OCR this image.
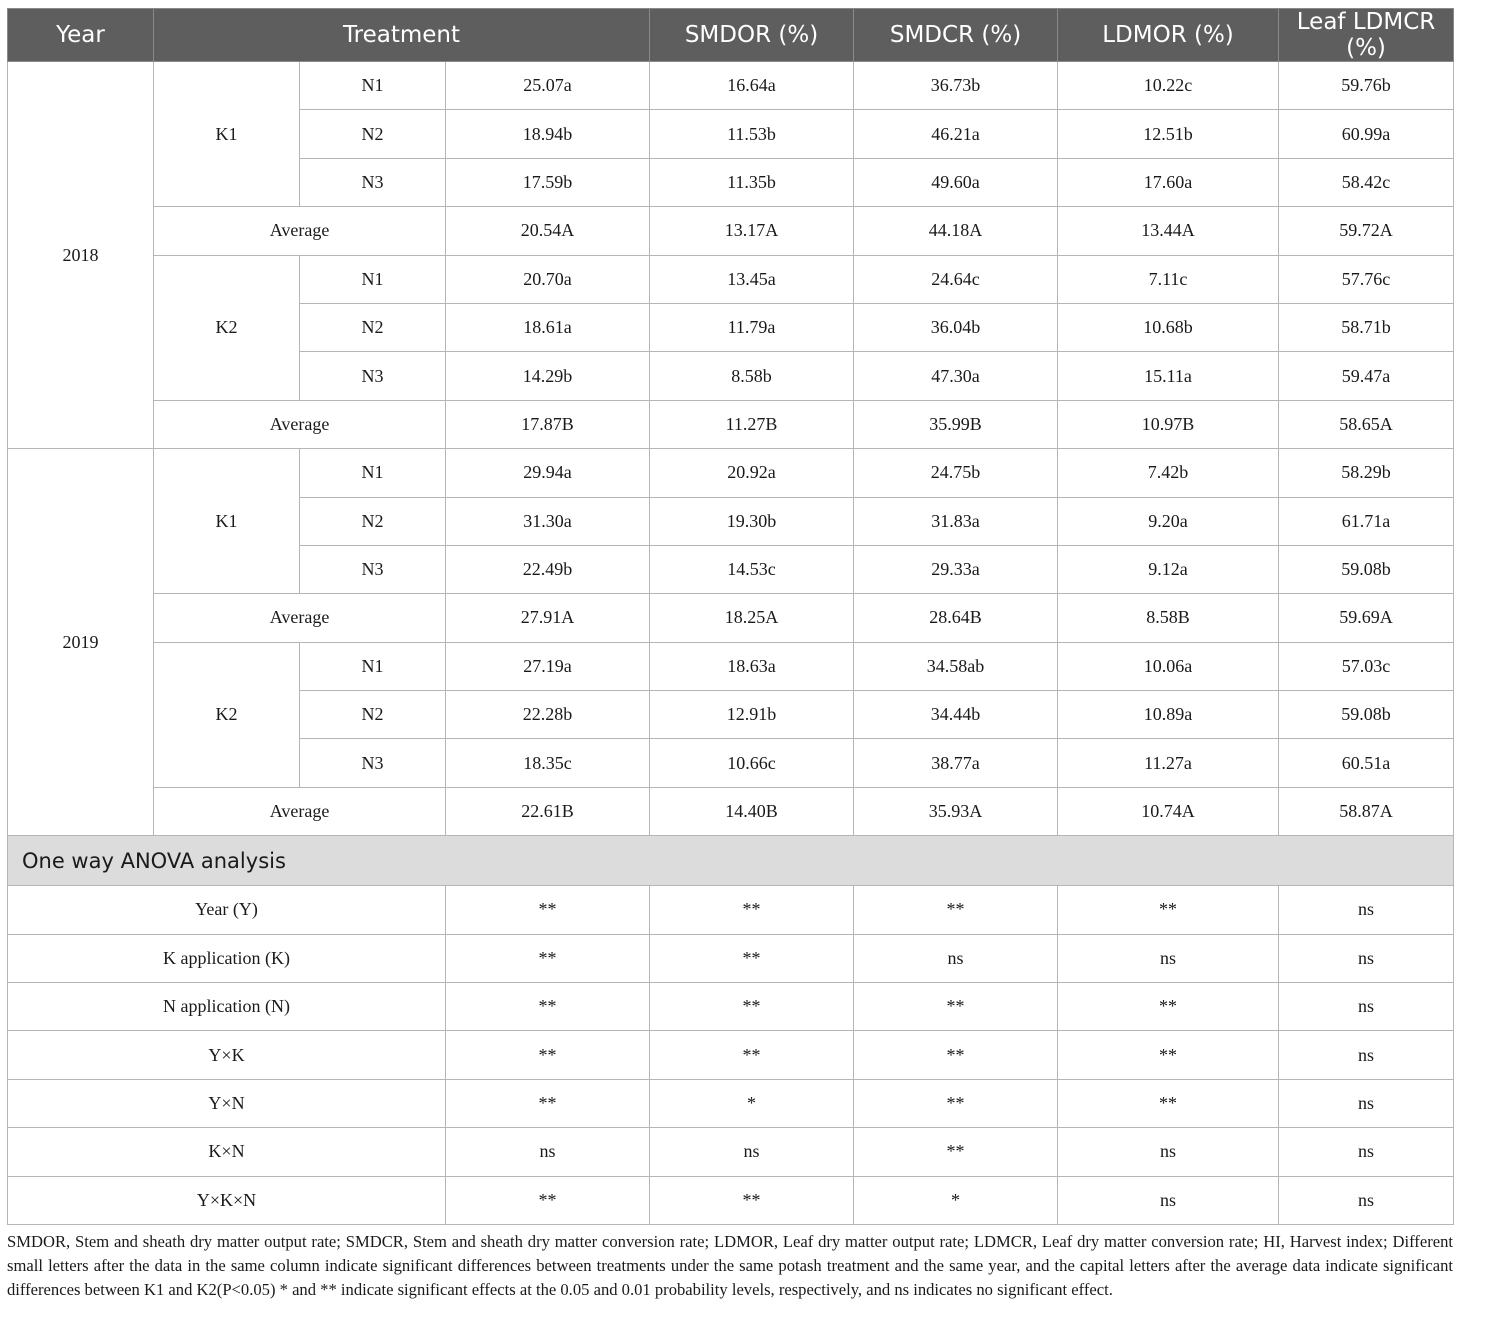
Year	Treatment			SMDOR (%)	SMDCR (%)	LDMOR (%)	Leaf LDMCR (%)	HI (%)
2018	K1	N1	25.07a	16.64a	36.73b	10.22c	59.76b	
		N2	18.94b	11.53b	46.21a	12.51b	60.99a	
		N3	17.59b	11.35b	49.60a	17.60a	58.42c	
	Average		20.54A	13.17A	44.18A	13.44A	59.72A	
	K2	N1	20.70a	13.45a	24.64c	7.11c	57.76c	
		N2	18.61a	11.79a	36.04b	10.68b	58.71b	
		N3	14.29b	8.58b	47.30a	15.11a	59.47a	
	Average		17.87B	11.27B	35.99B	10.97B	58.65A	
2019	K1	N1	29.94a	20.92a	24.75b	7.42b	58.29b	
		N2	31.30a	19.30b	31.83a	9.20a	61.71a	
		N3	22.49b	14.53c	29.33a	9.12a	59.08b	
	Average		27.91A	18.25A	28.64B	8.58B	59.69A	
	K2	N1	27.19a	18.63a	34.58ab	10.06a	57.03c	
		N2	22.28b	12.91b	34.44b	10.89a	59.08b	
		N3	18.35c	10.66c	38.77a	11.27a	60.51a	
	Average		22.61B	14.40B	35.93A	10.74A	58.87A	
One way ANOVA analysis								
Year (Y)			**	**	**	**	ns	
K application (K)			**	**	ns	ns	ns	
N application (N)			**	**	**	**	ns	
Y×K			**	**	**	**	ns	
Y×N			**	*	**	**	ns	
K×N			ns	ns	**	ns	ns	
Y×K×N			**	**	*	ns	ns	
SMDOR, Stem and sheath dry matter output rate; SMDCR, Stem and sheath dry matter conversion rate; LDMOR, Leaf dry matter output rate; LDMCR, Leaf dry matter conversion rate; HI, Harvest index; Different small letters after the data in the same column indicate significant differences between treatments under the same potash treatment and the same year, and the capital letters after the average data indicate significant differences between K1 and K2(P<0.05) * and ** indicate significant effects at the 0.05 and 0.01 probability levels, respectively, and ns indicates no significant effect.
